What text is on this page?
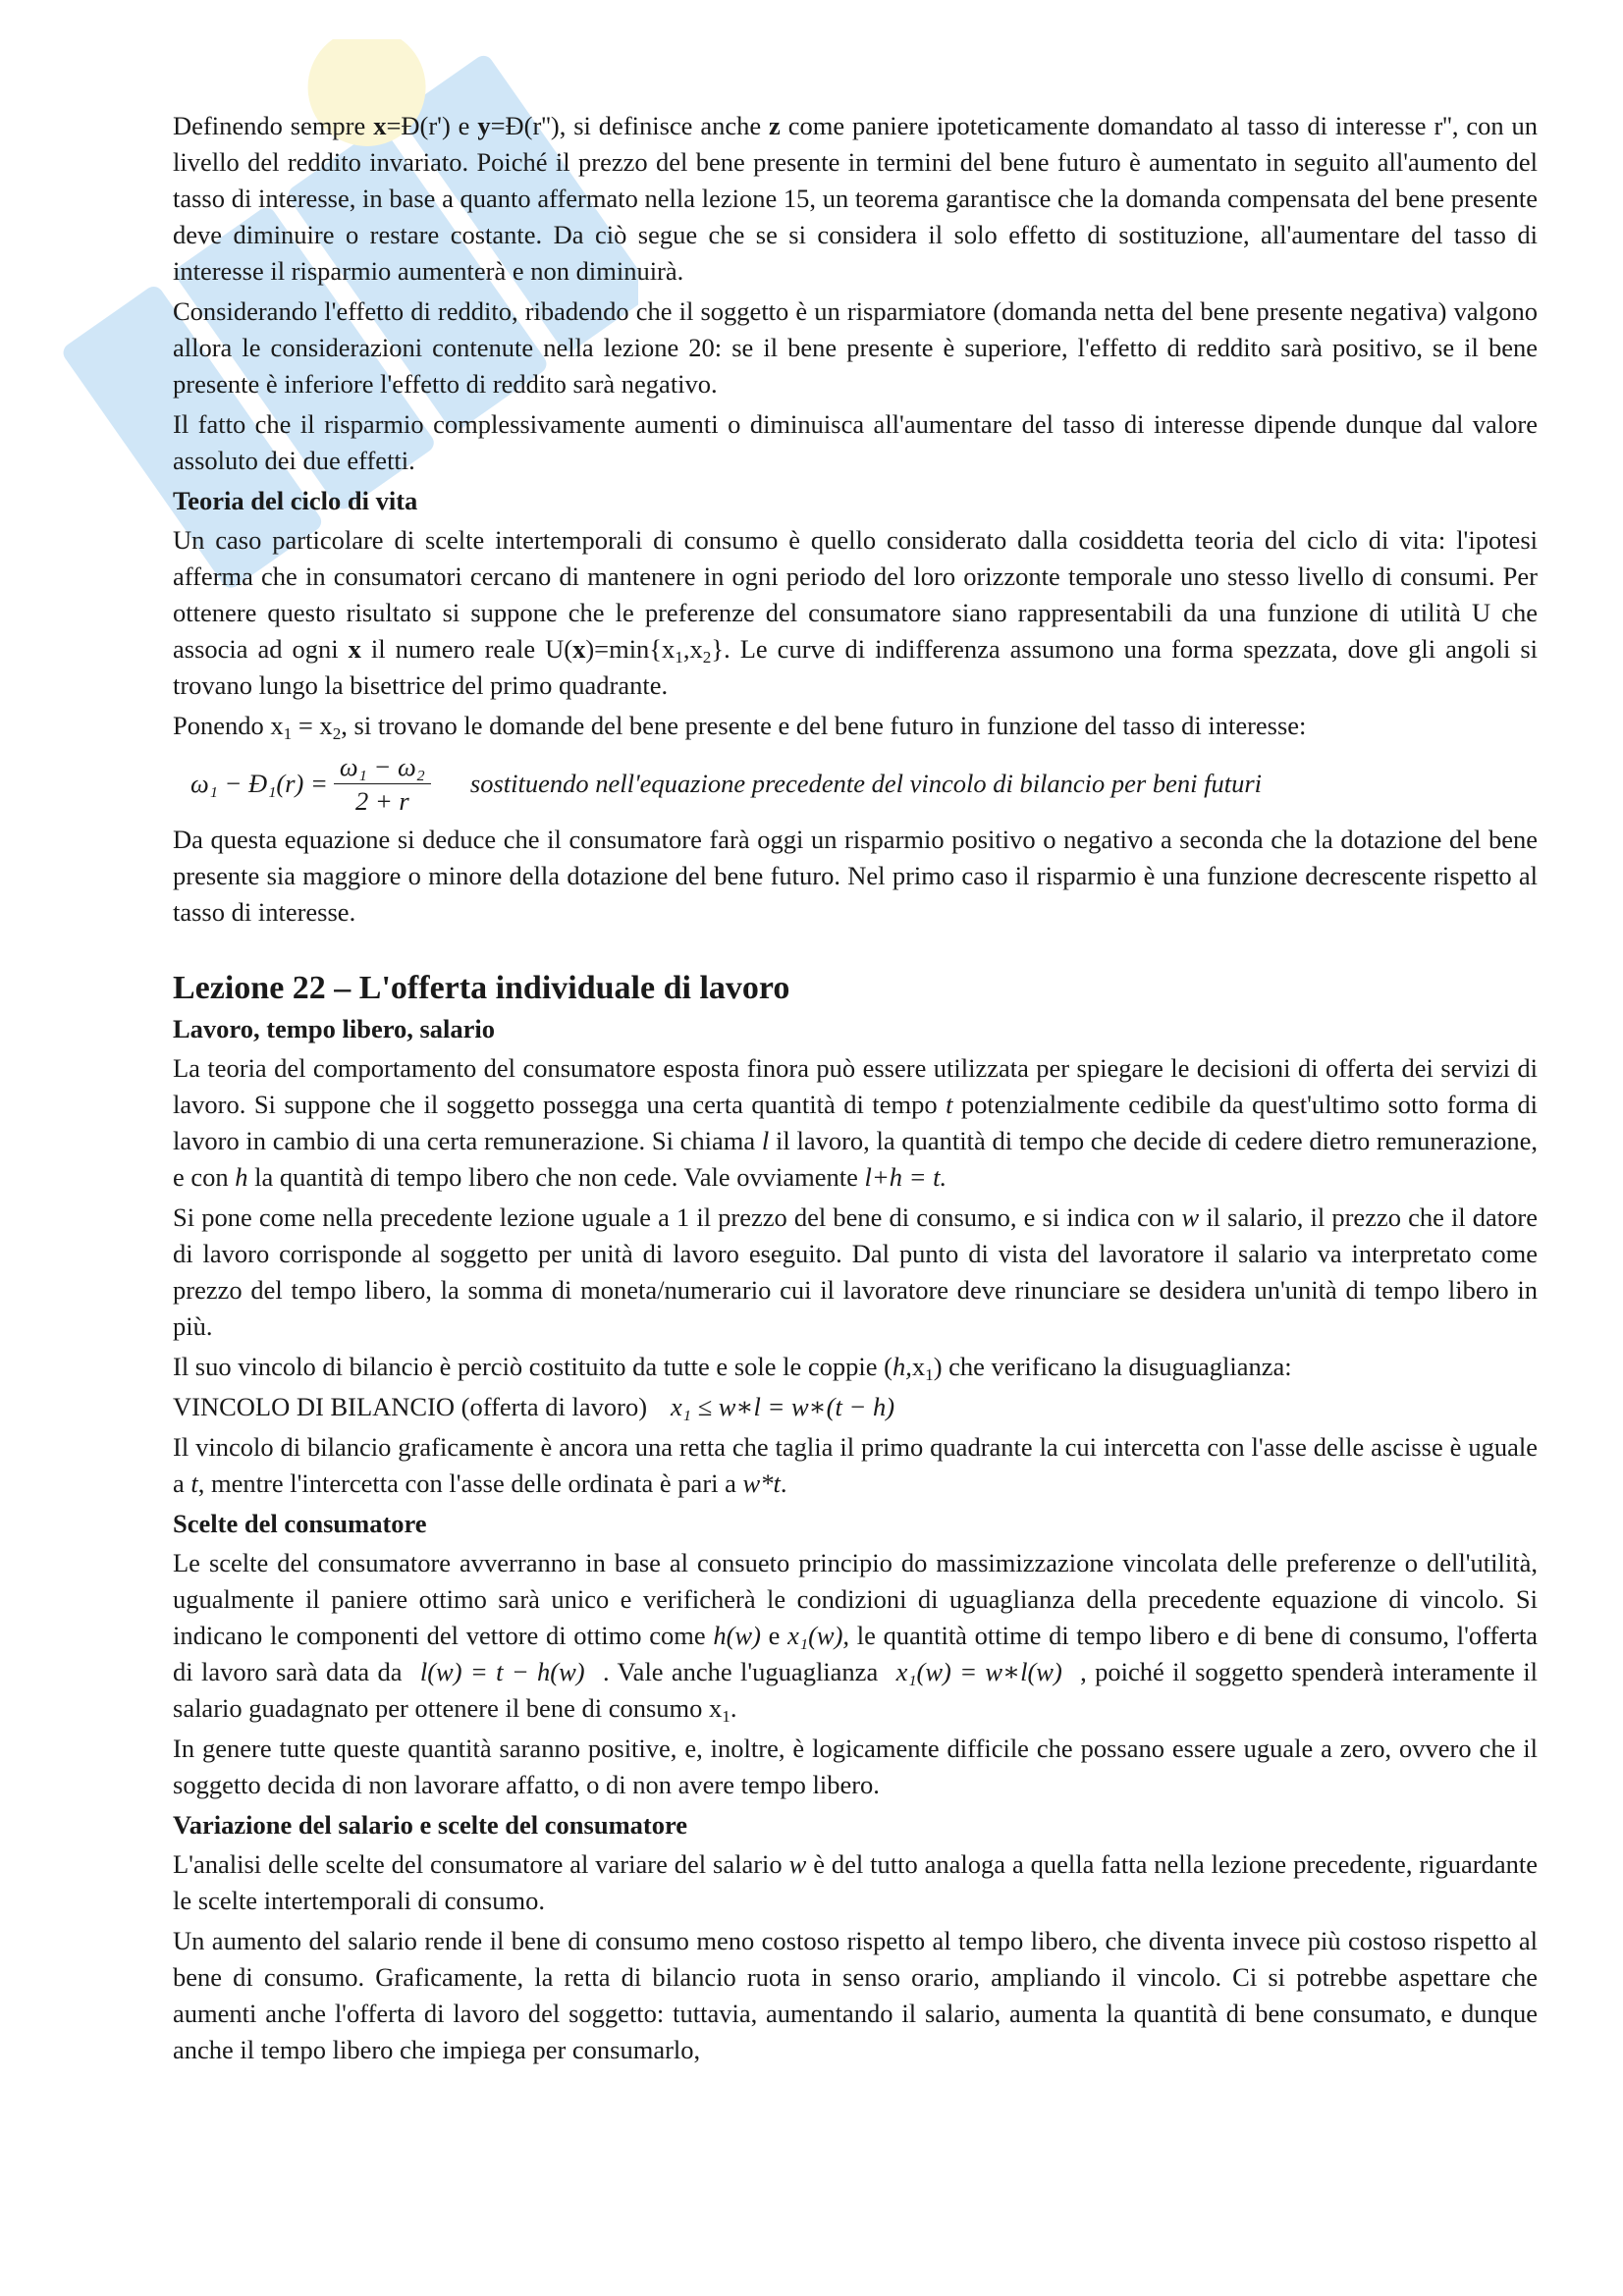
Definendo sempre x=Ð(r') e y=Ð(r''), si definisce anche z come paniere ipoteticamente domandato al tasso di interesse r'', con un livello del reddito invariato. Poiché il prezzo del bene presente in termini del bene futuro è aumentato in seguito all'aumento del tasso di interesse, in base a quanto affermato nella lezione 15, un teorema garantisce che la domanda compensata del bene presente deve diminuire o restare costante. Da ciò segue che se si considera il solo effetto di sostituzione, all'aumentare del tasso di interesse il risparmio aumenterà e non diminuirà.

Considerando l'effetto di reddito, ribadendo che il soggetto è un risparmiatore (domanda netta del bene presente negativa) valgono allora le considerazioni contenute nella lezione 20: se il bene presente è superiore, l'effetto di reddito sarà positivo, se il bene presente è inferiore l'effetto di reddito sarà negativo.

Il fatto che il risparmio complessivamente aumenti o diminuisca all'aumentare del tasso di interesse dipende dunque dal valore assoluto dei due effetti.

Teoria del ciclo di vita

Un caso particolare di scelte intertemporali di consumo è quello considerato dalla cosiddetta teoria del ciclo di vita: l'ipotesi afferma che in consumatori cercano di mantenere in ogni periodo del loro orizzonte temporale uno stesso livello di consumi. Per ottenere questo risultato si suppone che le preferenze del consumatore siano rappresentabili da una funzione di utilità U che associa ad ogni x il numero reale $U(x)=\min\{x_1,x_2\}$. Le curve di indifferenza assumono una forma spezzata, dove gli angoli si trovano lungo la bisettrice del primo quadrante.

Ponendo $x_1 = x_2$, si trovano le domande del bene presente e del bene futuro in funzione del tasso di interesse:

ω₁ − Ð₁(r) = $\frac{\text{ω₁ − ω₂}}{2 + r}$ sostituendo nell'equazione precedente del vincolo di bilancio per beni futuri

Da questa equazione si deduce che il consumatore farà oggi un risparmio positivo o negativo a seconda che la dotazione del bene presente sia maggiore o minore della dotazione del bene futuro. Nel primo caso il risparmio è una funzione decrescente rispetto al tasso di interesse.

Lezione 22 – L'offerta individuale di lavoro
Lavoro, tempo libero, salario

La teoria del comportamento del consumatore esposta finora può essere utilizzata per spiegare le decisioni di offerta dei servizi di lavoro. Si suppone che il soggetto possegga una certa quantità di tempo t potenzialmente cedibile da quest'ultimo sotto forma di lavoro in cambio di una certa remunerazione. Si chiama l il lavoro, la quantità di tempo che decide di cedere dietro remunerazione, e con h la quantità di tempo libero che non cede. Vale ovviamente l+h = t.

Si pone come nella precedente lezione uguale a 1 il prezzo del bene di consumo, e si indica con w il salario, il prezzo che il datore di lavoro corrisponde al soggetto per unità di lavoro eseguito. Dal punto di vista del lavoratore il salario va interpretato come prezzo del tempo libero, la somma di moneta/numerario cui il lavoratore deve rinunciare se desidera un'unità di tempo libero in più.

Il suo vincolo di bilancio è perciò costituito da tutte e sole le coppie $(h,x_1)$ che verificano la disuguaglianza:

VINCOLO DI BILANCIO (offerta di lavoro) x₁ ≤ w∗l = w∗(t − h)

Il vincolo di bilancio graficamente è ancora una retta che taglia il primo quadrante la cui intercetta con l'asse delle ascisse è uguale a t, mentre l'intercetta con l'asse delle ordinata è pari a w*t.

Scelte del consumatore

Le scelte del consumatore avverranno in base al consueto principio do massimizzazione vincolata delle preferenze o dell'utilità, ugualmente il paniere ottimo sarà unico e verificherà le condizioni di uguaglianza della precedente equazione di vincolo. Si indicano le componenti del vettore di ottimo come h(w) e x₁(w), le quantità ottime di tempo libero e di bene di consumo, l'offerta di lavoro sarà data da l(w) = t − h(w) . Vale anche l'uguaglianza x₁(w) = w∗l(w) , poiché il soggetto spenderà interamente il salario guadagnato per ottenere il bene di consumo $x_1$.

In genere tutte queste quantità saranno positive, e, inoltre, è logicamente difficile che possano essere uguale a zero, ovvero che il soggetto decida di non lavorare affatto, o di non avere tempo libero.

Variazione del salario e scelte del consumatore

L'analisi delle scelte del consumatore al variare del salario w è del tutto analoga a quella fatta nella lezione precedente, riguardante le scelte intertemporali di consumo.

Un aumento del salario rende il bene di consumo meno costoso rispetto al tempo libero, che diventa invece più costoso rispetto al bene di consumo. Graficamente, la retta di bilancio ruota in senso orario, ampliando il vincolo. Ci si potrebbe aspettare che aumenti anche l'offerta di lavoro del soggetto: tuttavia, aumentando il salario, aumenta la quantità di bene consumato, e dunque anche il tempo libero che impiega per consumarlo,
